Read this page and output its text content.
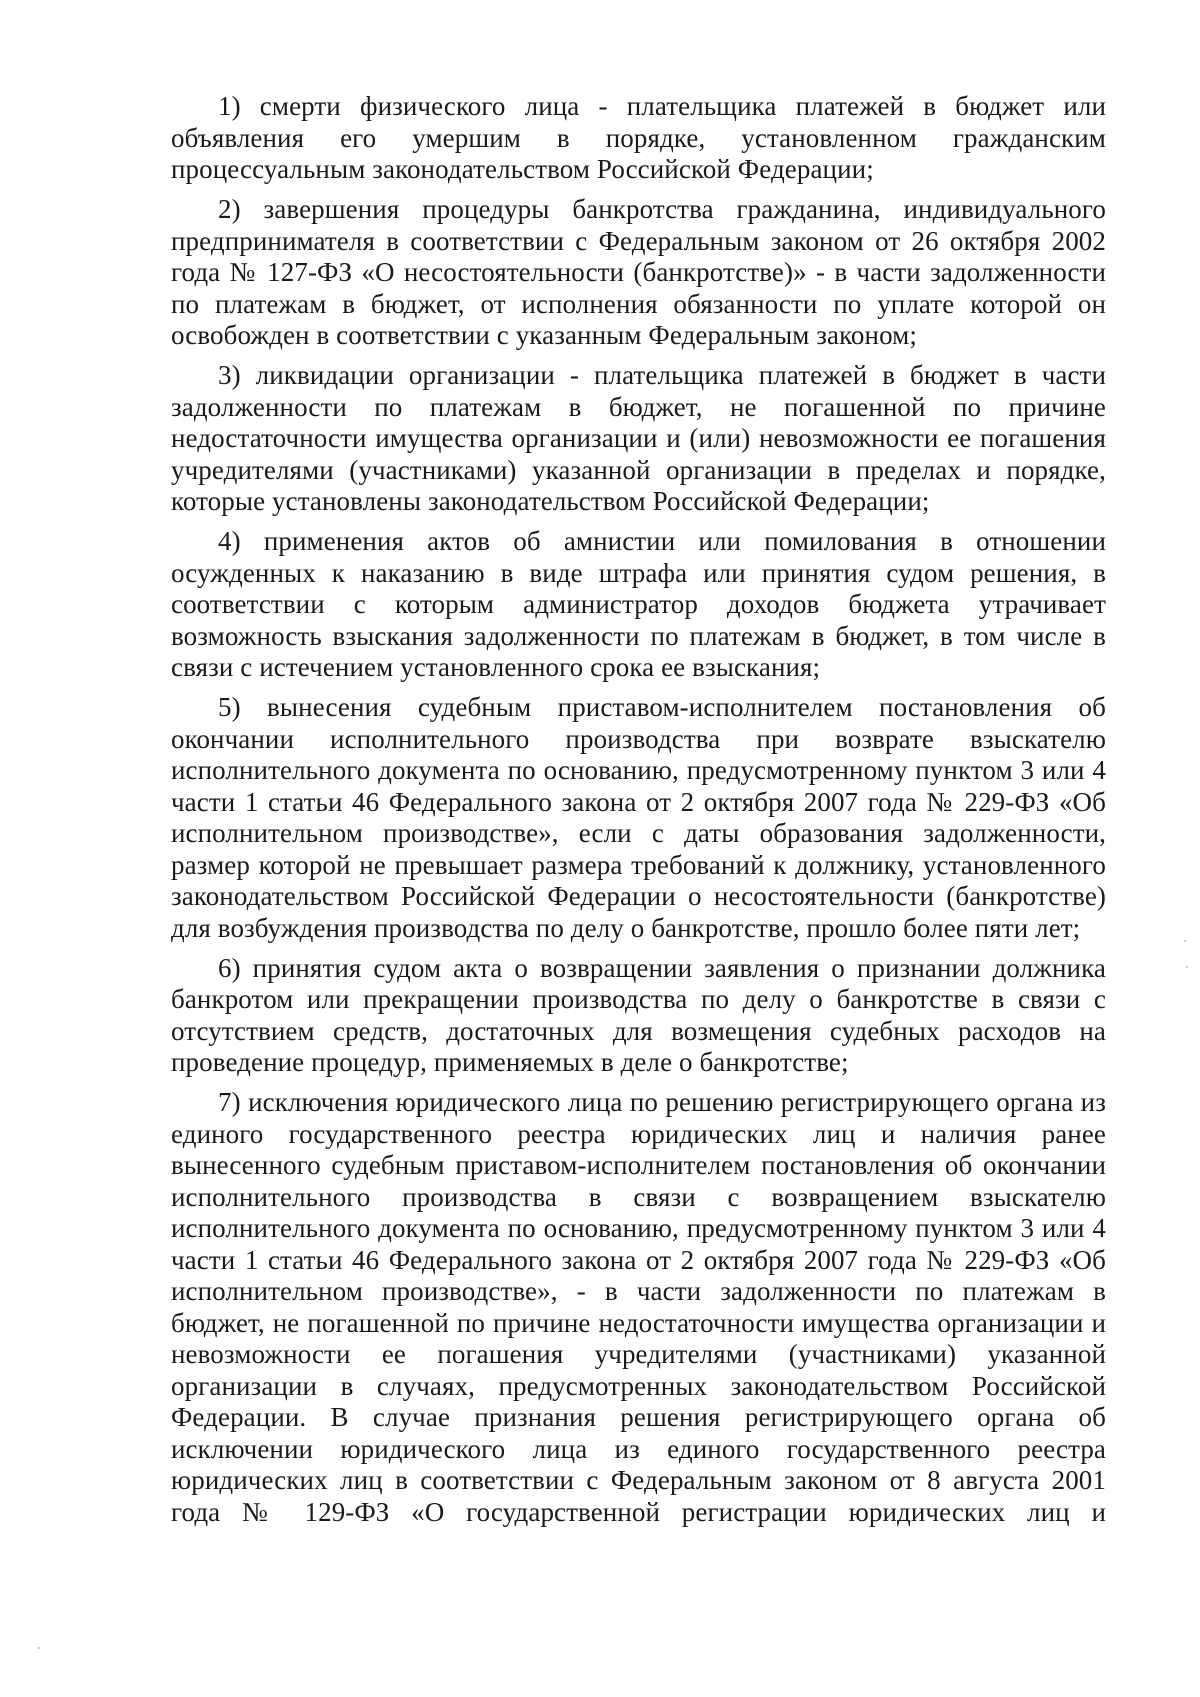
1) смерти физического лица - плательщика платежей в бюджет или объявления его умершим в порядке, установленном гражданским процессуальным законодательством Российской Федерации;

2) завершения процедуры банкротства гражданина, индивидуального предпринимателя в соответствии с Федеральным законом от 26 октября 2002 года № 127-ФЗ «О несостоятельности (банкротстве)» - в части задолженности по платежам в бюджет, от исполнения обязанности по уплате которой он освобожден в соответствии с указанным Федеральным законом;

3) ликвидации организации - плательщика платежей в бюджет в части задолженности по платежам в бюджет, не погашенной по причине недостаточности имущества организации и (или) невозможности ее погашения учредителями (участниками) указанной организации в пределах и порядке, которые установлены законодательством Российской Федерации;

4) применения актов об амнистии или помилования в отношении осужденных к наказанию в виде штрафа или принятия судом решения, в соответствии с которым администратор доходов бюджета утрачивает возможность взыскания задолженности по платежам в бюджет, в том числе в связи с истечением установленного срока ее взыскания;

5) вынесения судебным приставом-исполнителем постановления об окончании исполнительного производства при возврате взыскателю исполнительного документа по основанию, предусмотренному пунктом 3 или 4 части 1 статьи 46 Федерального закона от 2 октября 2007 года № 229-ФЗ «Об исполнительном производстве», если с даты образования задолженности, размер которой не превышает размера требований к должнику, установленного законодательством Российской Федерации о несостоятельности (банкротстве) для возбуждения производства по делу о банкротстве, прошло более пяти лет;

6) принятия судом акта о возвращении заявления о признании должника банкротом или прекращении производства по делу о банкротстве в связи с отсутствием средств, достаточных для возмещения судебных расходов на проведение процедур, применяемых в деле о банкротстве;

7) исключения юридического лица по решению регистрирующего органа из единого государственного реестра юридических лиц и наличия ранее вынесенного судебным приставом-исполнителем постановления об окончании исполнительного производства в связи с возвращением взыскателю исполнительного документа по основанию, предусмотренному пунктом 3 или 4 части 1 статьи 46 Федерального закона от 2 октября 2007 года № 229-ФЗ «Об исполнительном производстве», - в части задолженности по платежам в бюджет, не погашенной по причине недостаточности имущества организации и невозможности ее погашения учредителями (участниками) указанной организации в случаях, предусмотренных законодательством Российской Федерации. В случае признания решения регистрирующего органа об исключении юридического лица из единого государственного реестра юридических лиц в соответствии с Федеральным законом от 8 августа 2001 года № 129-ФЗ «О государственной регистрации юридических лиц и
